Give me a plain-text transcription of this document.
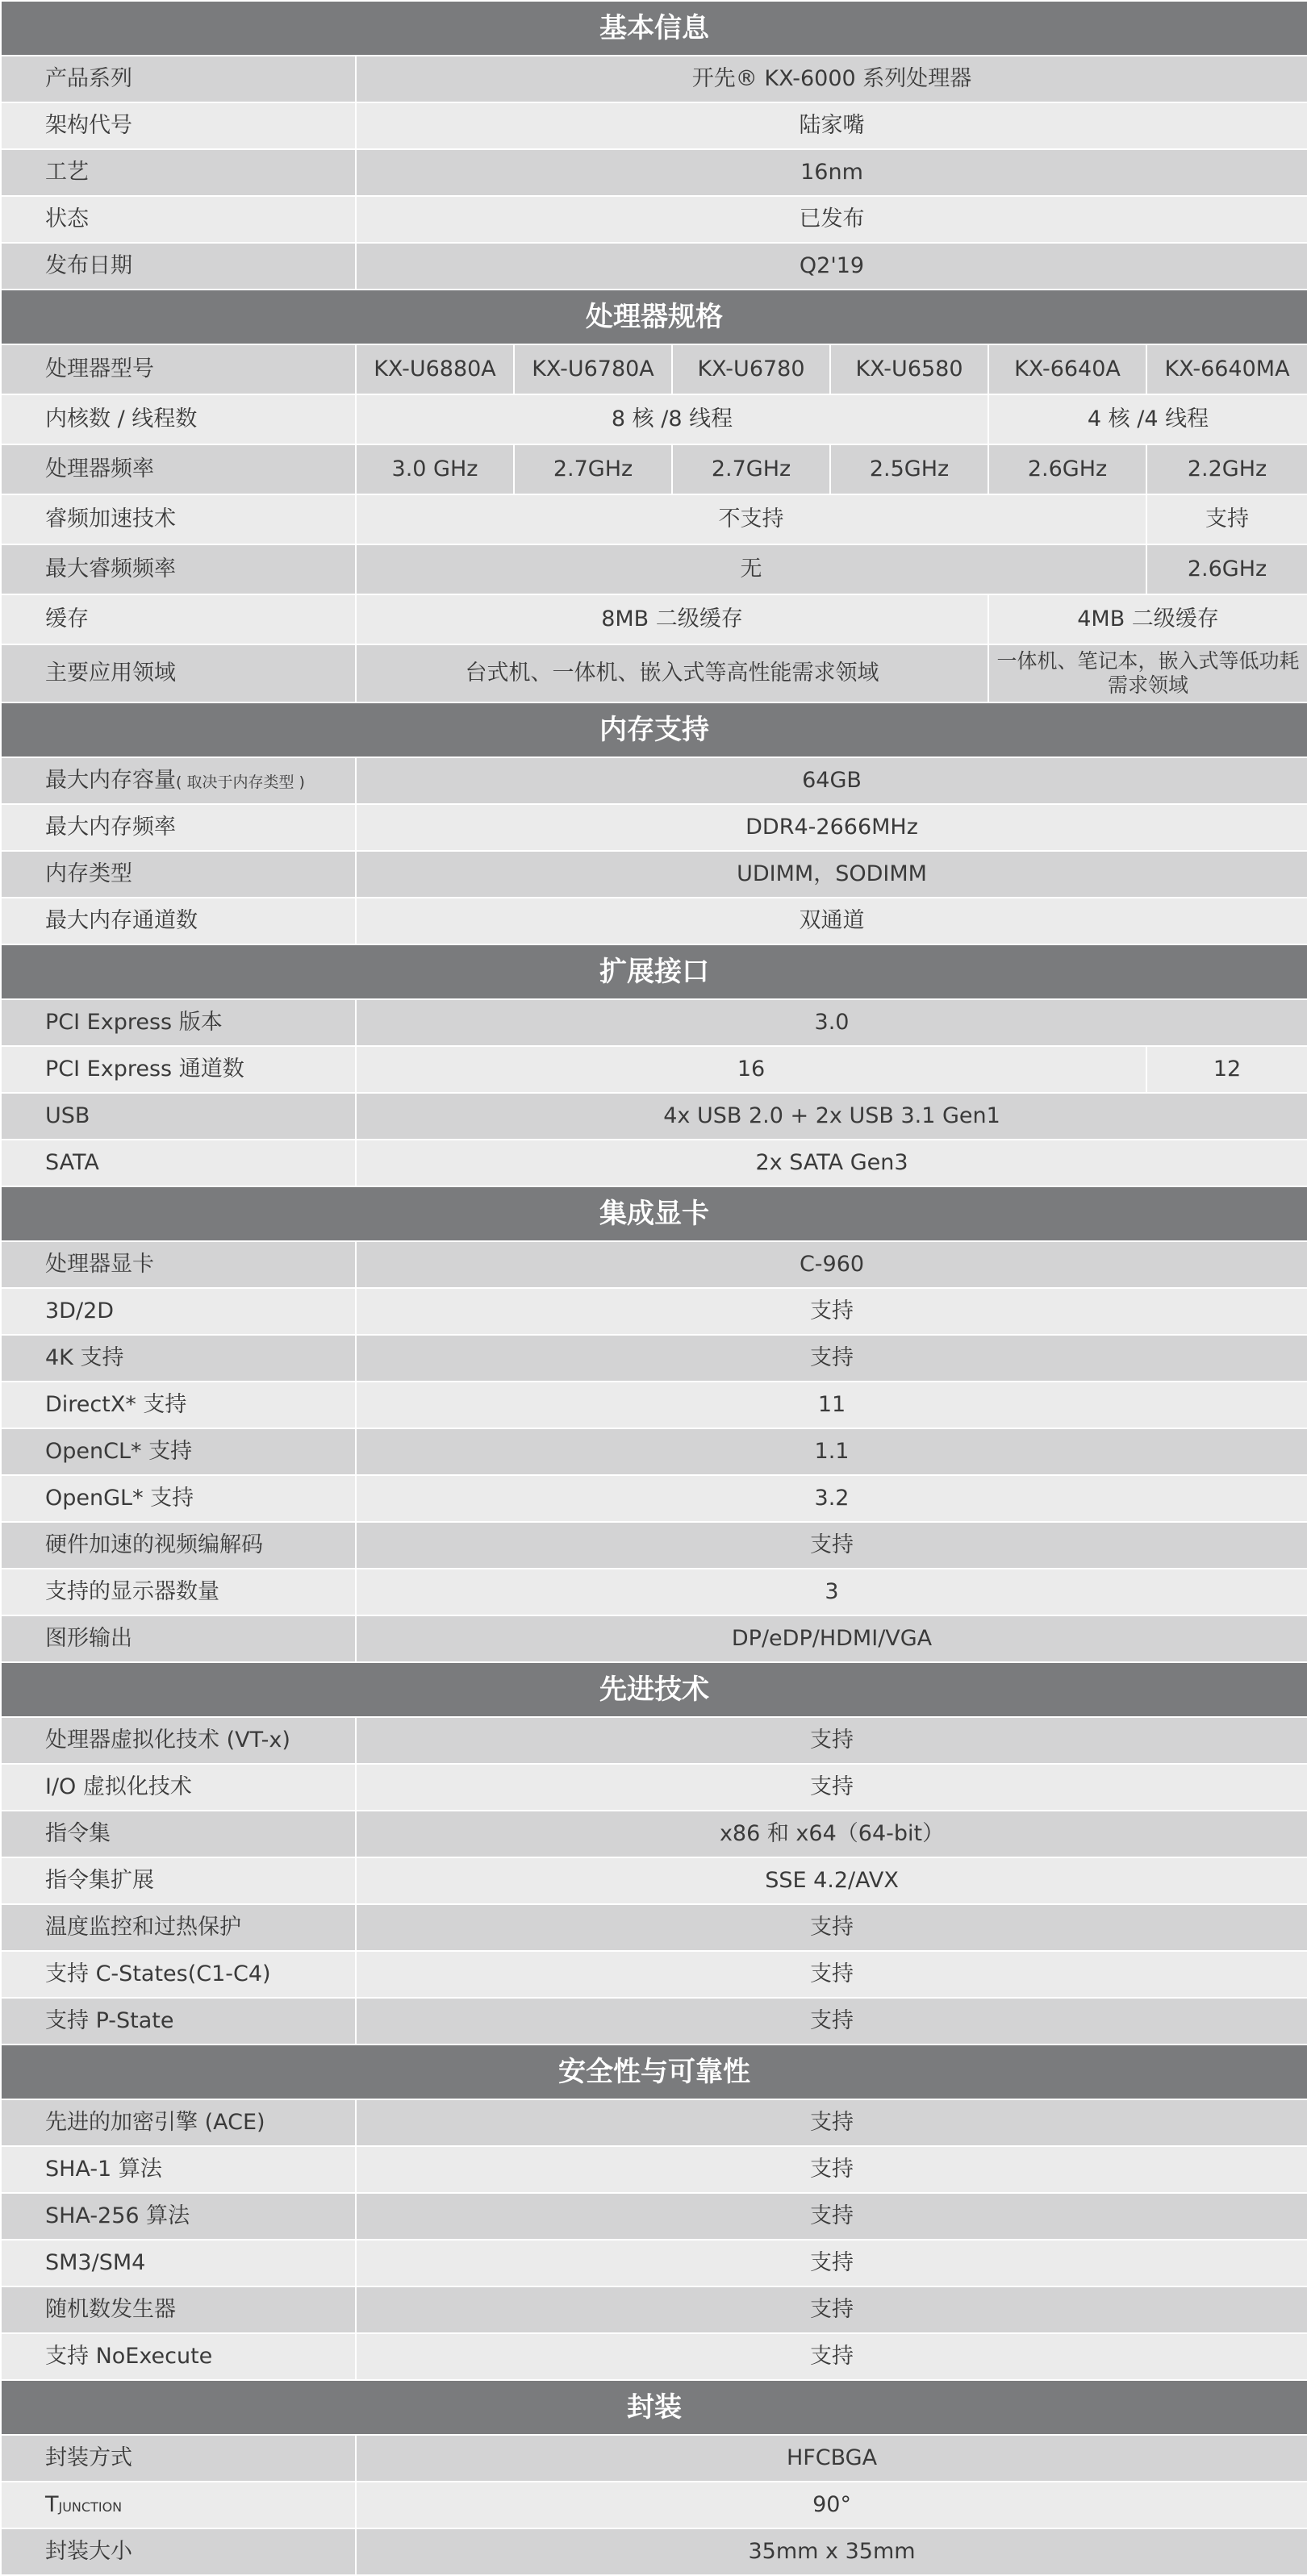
基本信息						
产品系列	开先® KX-6000 系列处理器					
架构代号	陆家嘴					
工艺	16nm					
状态	已发布					
发布日期	Q2'19					
处理器规格						
处理器型号	KX-U6880A	KX-U6780A	KX-U6780	KX-U6580	KX-6640A	KX-6640MA
内核数 / 线程数	8 核 /8 线程				4 核 /4 线程	
处理器频率	3.0 GHz	2.7GHz	2.7GHz	2.5GHz	2.6GHz	2.2GHz
睿频加速技术	不支持					支持
最大睿频频率	无					2.6GHz
缓存	8MB 二级缓存				4MB 二级缓存	
主要应用领域	台式机、一体机、嵌入式等高性能需求领域				一体机、笔记本，嵌入式等低功耗需求领域	
内存支持						
最大内存容量( 取决于内存类型 )	64GB					
最大内存频率	DDR4-2666MHz					
内存类型	UDIMM，SODIMM					
最大内存通道数	双通道					
扩展接口						
PCI Express 版本	3.0					
PCI Express 通道数	16					12
USB	4x USB 2.0 + 2x USB 3.1 Gen1					
SATA	2x SATA Gen3					
集成显卡						
处理器显卡	C-960					
3D/2D	支持					
4K 支持	支持					
DirectX* 支持	11					
OpenCL* 支持	1.1					
OpenGL* 支持	3.2					
硬件加速的视频编解码	支持					
支持的显示器数量	3					
图形输出	DP/eDP/HDMI/VGA					
先进技术						
处理器虚拟化技术 (VT-x)	支持					
I/O 虚拟化技术	支持					
指令集	x86 和 x64（64-bit）					
指令集扩展	SSE 4.2/AVX					
温度监控和过热保护	支持					
支持 C-States(C1-C4)	支持					
支持 P-State	支持					
安全性与可靠性						
先进的加密引擎 (ACE)	支持					
SHA-1 算法	支持					
SHA-256 算法	支持					
SM3/SM4	支持					
随机数发生器	支持					
支持 NoExecute	支持					
封装						
封装方式	HFCBGA					
TJUNCTION	90°					
封装大小	35mm x 35mm					
